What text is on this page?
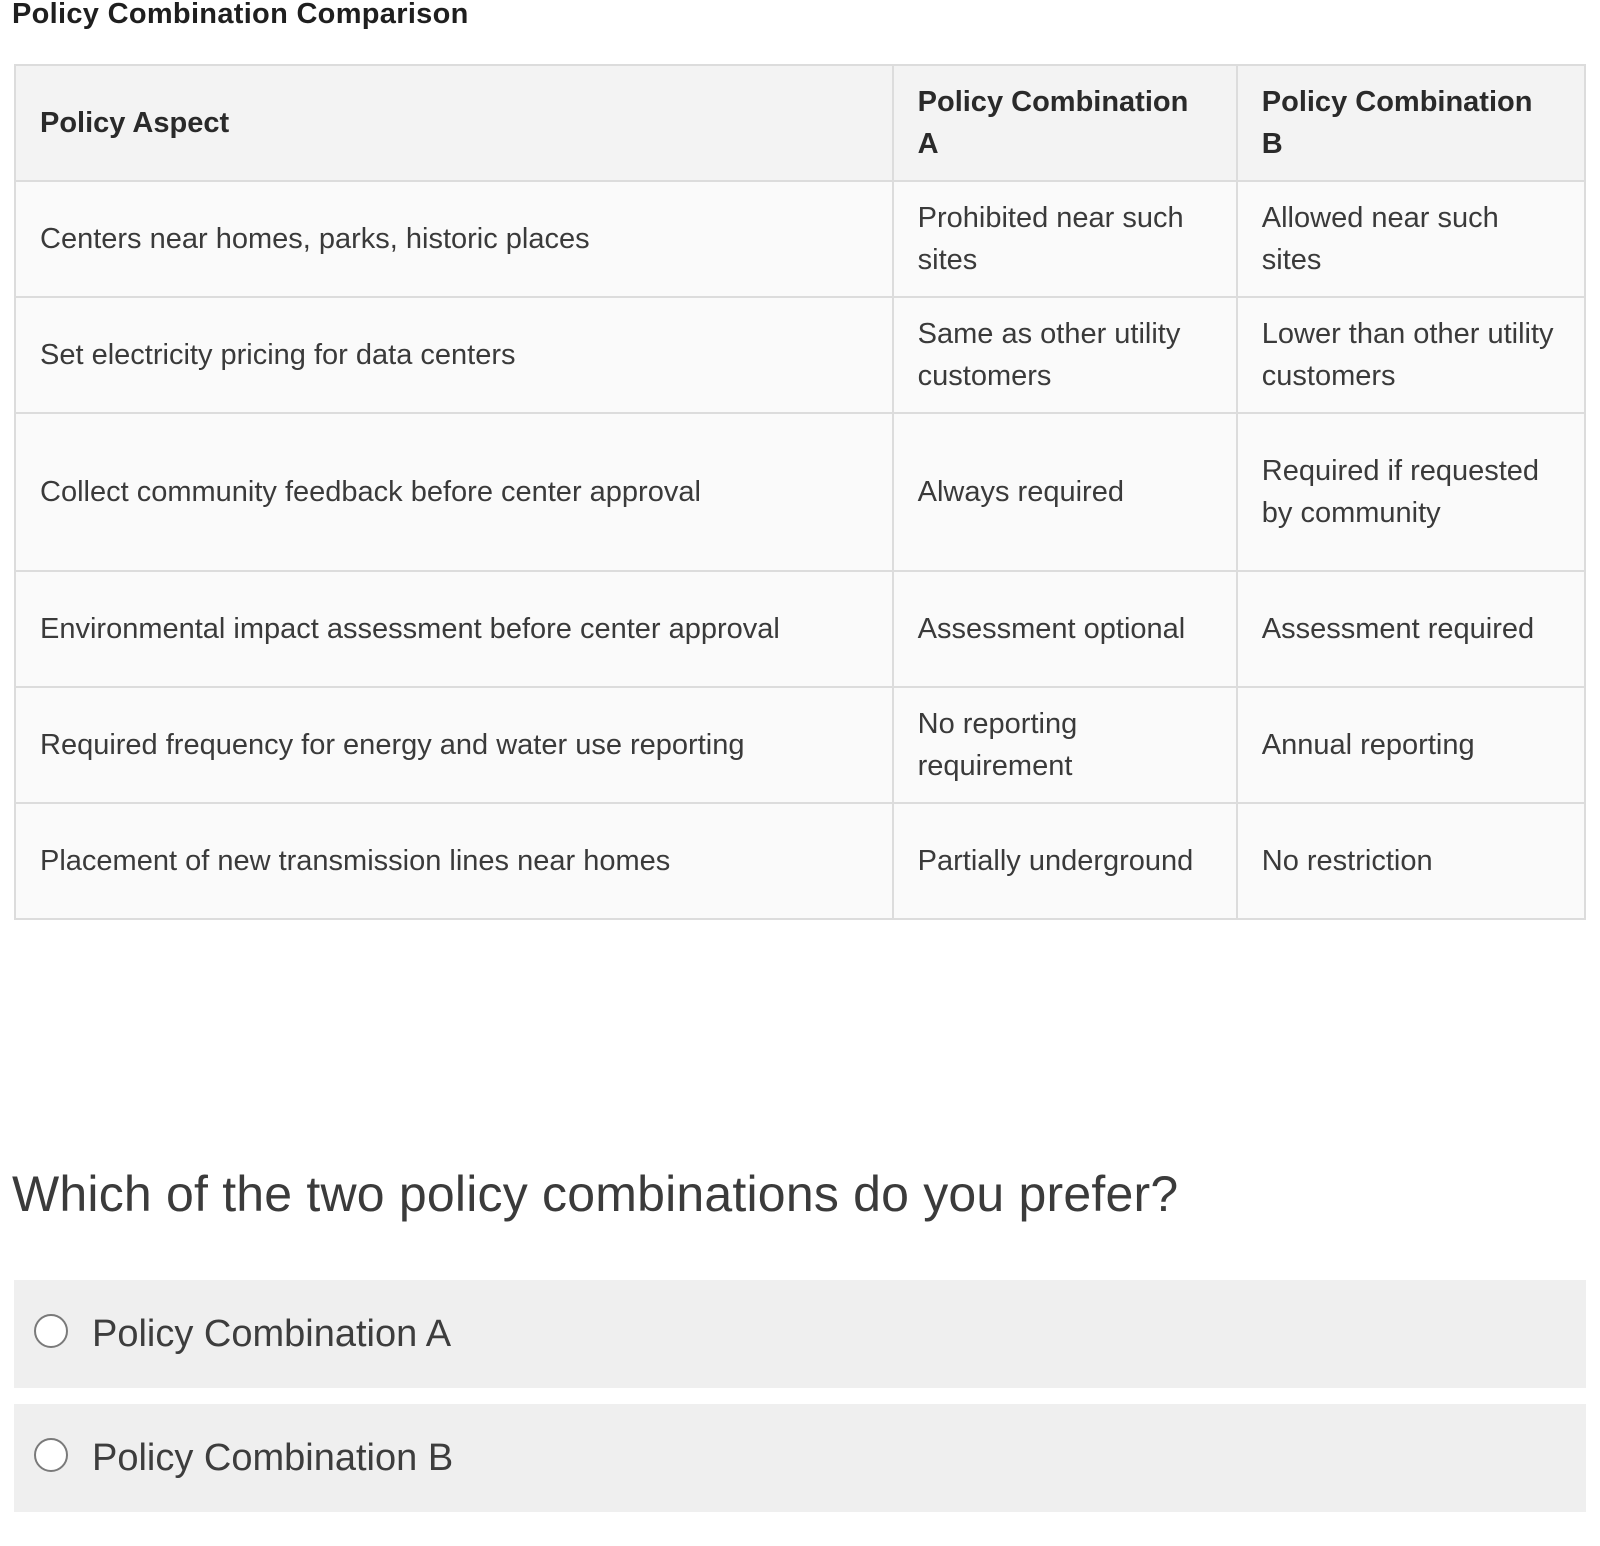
Policy Combination Comparison
Policy Aspect	Policy Combination A	Policy Combination B
Centers near homes, parks, historic places	Prohibited near such sites	Allowed near such sites
Set electricity pricing for data centers	Same as other utility customers	Lower than other utility customers
Collect community feedback before center approval	Always required	Required if requested by community
Environmental impact assessment before center approval	Assessment optional	Assessment required
Required frequency for energy and water use reporting	No reporting requirement	Annual reporting
Placement of new transmission lines near homes	Partially underground	No restriction
Which of the two policy combinations do you prefer?
Policy Combination A
Policy Combination B
